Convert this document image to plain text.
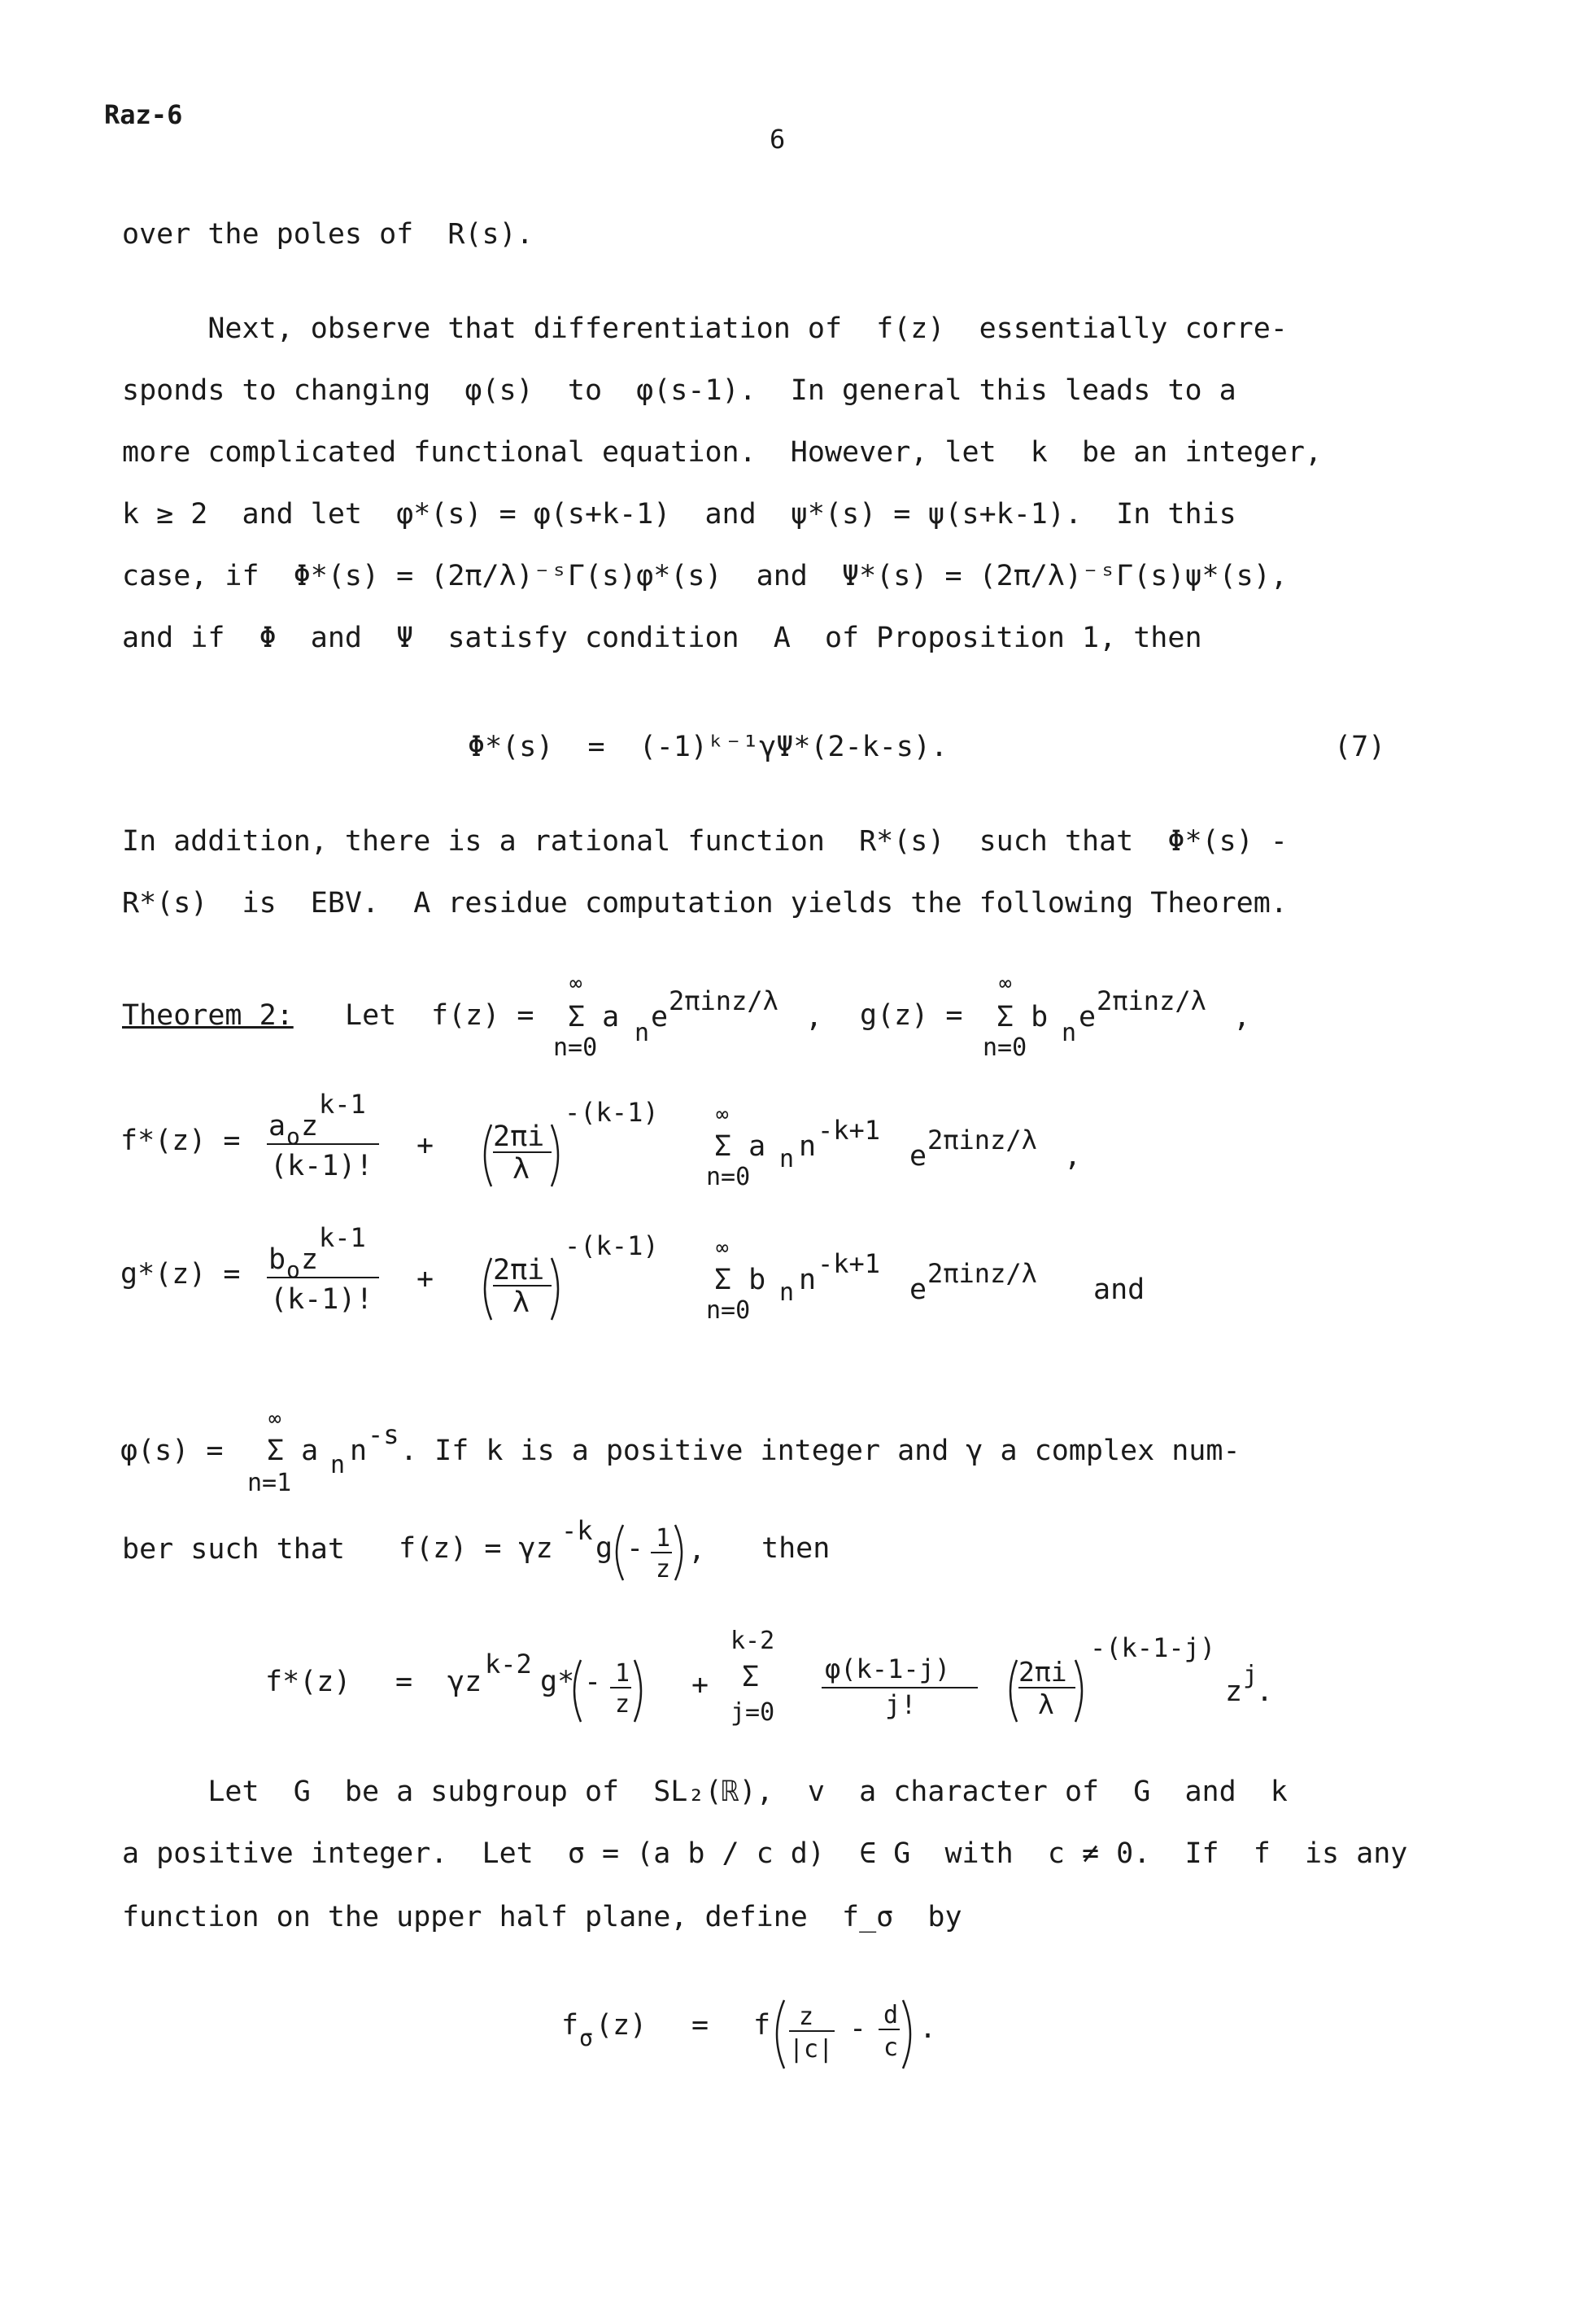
Raz-6
6
over the poles of  R(s).
Next, observe that differentiation of  f(z)  essentially corre-
sponds to changing  φ(s)  to  φ(s-1).  In general this leads to a
more complicated functional equation.  However, let  k  be an integer,
k ≥ 2  and let  φ*(s) = φ(s+k-1)  and  ψ*(s) = ψ(s+k-1).  In this
case, if  Φ*(s) = (2π/λ)⁻ˢΓ(s)φ*(s)  and  Ψ*(s) = (2π/λ)⁻ˢΓ(s)ψ*(s),
and if  Φ  and  Ψ  satisfy condition  A  of Proposition 1, then
Φ*(s)  =  (-1)ᵏ⁻¹γΨ*(2-k-s).	(7)
In addition, there is a rational function  R*(s)  such that  Φ*(s) -
R*(s)  is  EBV.  A residue computation yields the following Theorem.
Theorem 2: Let f(z) =
∞
Σ a n e 2πinz/λ ,
n=0
g(z) =
∞
Σ b n e 2πinz/λ ,
n=0
f*(z) = a o z
k-1
(k-1)!
+ 2πi
λ
-(k-1)	∞
Σ a n n -k+1
e 2πinz/λ ,
n=0
g*(z) = b o z
k-1
(k-1)!
+ 2πi
λ
-(k-1)	∞
Σ b n n -k+1
e 2πinz/λ and
n=0
φ(s) =
∞
Σ a n n -s . If k is a positive integer and γ a complex num-
n=1
ber such that f(z) = γz
-k
g - 1
z
, then
f*(z) = γz
k-2
g* - 1
z
+
k-2
Σ
j=0
φ(k-1-j)
j!
2πi
λ
-(k-1-j)
z
j
.
Let  G  be a subgroup of  SL₂(ℝ),  v  a character of  G  and  k
a positive integer.  Let  σ = (a b / c d)  ∈ G  with  c ≠ 0.  If  f  is any
function on the upper half plane, define  f_σ  by
f σ (z) = f z
|c|
- d
c
.
